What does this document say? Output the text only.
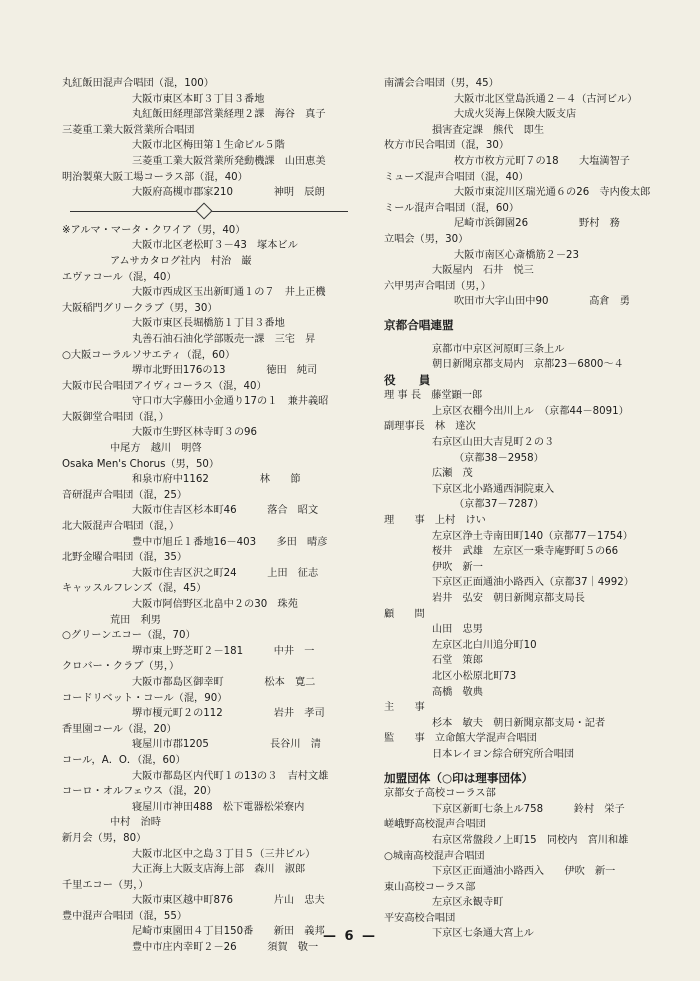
丸紅飯田混声合唱団（混，100）
大阪市東区本町３丁目３番地
丸紅飯田経理部営業経理２課　海谷　真子
三菱重工業大阪営業所合唱団
大阪市北区梅田第１生命ビル５階
三菱重工業大阪営業所発動機課　山田恵美
明治製菓大阪工場コーラス部（混，40）
大阪府高槻市郡家210　　　　神明　辰朗
※アルマ・マータ・クワイア（男，40）
大阪市北区老松町３－43　塚本ビル
アムサカタログ社内　村治　巌
エヴァコール（混，40）
大阪市西成区玉出新町通１の７　井上正機
大阪稲門グリークラブ（男，30）
大阪市東区長堀橋筋１丁目３番地
丸善石油石油化学部販売一課　三宅　昇
○大阪コーラルソサエティ（混，60）
堺市北野田176の13　　　　徳田　純司
大阪市民合唱団アイヴィコーラス（混，40）
守口市大字藤田小金通り17の１　兼井義昭
大阪御堂合唱団（混，）
大阪市生野区林寺町３の96
中尾方　越川　明啓
Osaka Men's Chorus（男，50）
和泉市府中1162　　　　　林　　節
音研混声合唱団（混，25）
大阪市住吉区杉本町46　　　落合　昭文
北大阪混声合唱団（混，）
豊中市旭丘１番地16－403　　多田　晴彦
北野金曜合唱団（混，35）
大阪市住吉区沢之町24　　　上田　征志
キャッスルフレンズ（混，45）
大阪市阿倍野区北畠中２の30　珠苑
荒田　利男
○グリーンエコー（混，70）
堺市東上野芝町２－181　　　中井　一
クロバー・クラブ（男，）
大阪市都島区御幸町　　　　松本　寛二
コードリベット・コール（混，90）
堺市榎元町２の112　　　　　岩井　孝司
香里園コール（混，20）
寝屋川市郡1205　　　　　　長谷川　清
コール，A．O．（混，60）
大阪市都島区内代町１の13の３　吉村文雄
コーロ・オルフェウス（混，20）
寝屋川市神田488　松下電器松栄寮内
中村　治時
新月会（男，80）
大阪市北区中之島３丁目５（三井ビル）
大正海上大阪支店海上部　森川　淑郎
千里エコー（男，）
大阪市東区越中町876　　　　片山　忠夫
豊中混声合唱団（混，55）
尼崎市東園田４丁目150番　　新田　義邦
豊中市庄内幸町２－26　　　須賀　敬一
南濡会合唱団（男，45）
大阪市北区堂島浜通２－４（古河ビル）
大成火災海上保険大阪支店
損害査定課　熊代　即生
枚方市民合唱団（混，30）
枚方市枚方元町７の18　　大塩満智子
ミューズ混声合唱団（混，40）
大阪市東淀川区瑞光通６の26　寺内俊太郎
ミール混声合唱団（混，60）
尼崎市浜御園26　　　　　野村　務
立唱会（男，30）
大阪市南区心斎橋筋２－23
大阪屋内　石井　悦三
六甲男声合唱団（男，）
吹田市大字山田中90　　　　高倉　勇
京都合唱連盟
京都市中京区河原町三条上ル
朝日新聞京都支局内　京都23－6800～４
役　　員
理 事 長　藤堂顕一郎
上京区衣棚今出川上ル　（京都44－8091）
副理事長　林　達次
右京区山田大吉見町２の３
（京都38－2958）
広瀬　茂
下京区北小路通西洞院東入
（京都37－7287）
理　　事　上村　けい
左京区浄土寺南田町140（京都77－1754）
桜井　武雄　左京区一乗寺庵野町５の66
伊吹　新一
下京区正面通油小路西入（京都37｜4992）
岩井　弘安　朝日新聞京都支局長
顧　　問
山田　忠男
左京区北白川追分町10
石堂　策郎
北区小松原北町73
高橋　敬典
主　　事
杉本　敏夫　朝日新聞京都支局・記者
監　　事　立命館大学混声合唱団
日本レイヨン綜合研究所合唱団
加盟団体（○印は理事団体）
京都女子高校コーラス部
下京区新町七条上ル758　　　鈴村　栄子
嵯峨野高校混声合唱団
右京区常盤段ノ上町15　同校内　宮川和雄
○城南高校混声合唱団
下京区正面通油小路西入　　伊吹　新一
東山高校コーラス部
左京区永観寺町
平安高校合唱団
下京区七条通大宮上ル
— 6 —
